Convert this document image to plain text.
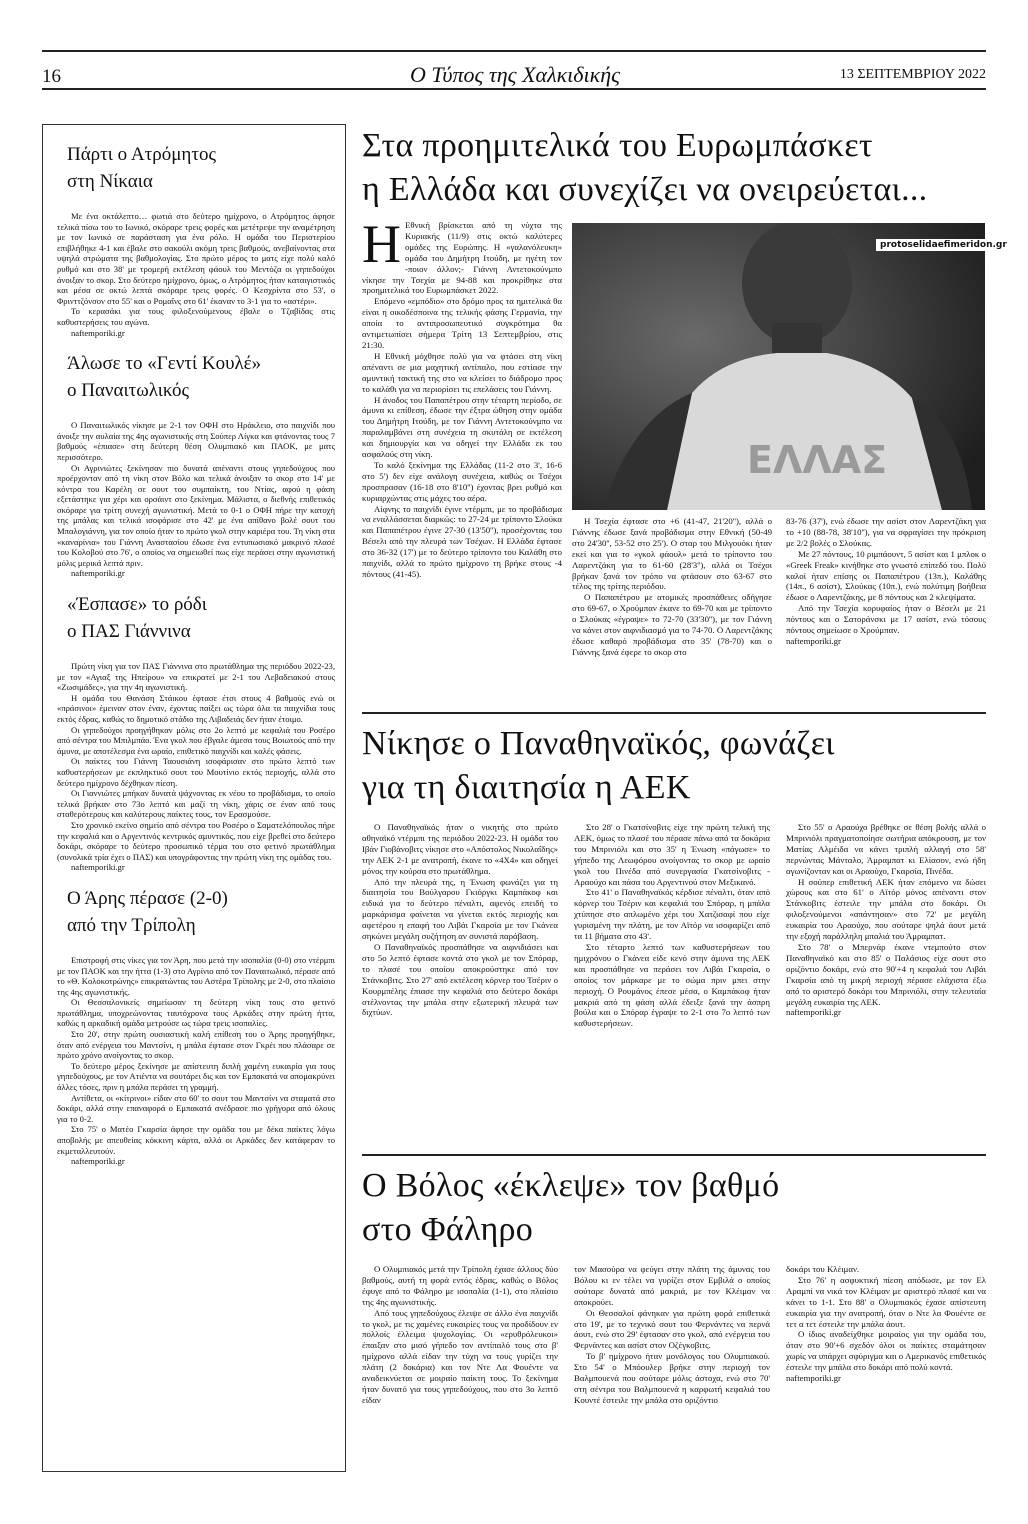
16	Ο Τύπος της Χαλκιδικής	13 ΣΕΠΤΕΜΒΡΙΟΥ 2022
Πάρτι ο Ατρόμητος
στη Νίκαια

Με ένα οκτάλεπτο… φωτιά στο δεύτερο ημίχρονο, ο Ατρόμητος άφησε τελικά πίσω του το Ιωνικό, σκόραρε τρεις φορές και μετέτρεψε την αναμέτρηση με τον Ιωνικό σε παράσταση για ένα ρόλο. Η ομάδα του Περιστερίου επιβλήθηκε 4-1 και έβαλε στο σακούλι ακόμη τρεις βαθμούς, ανεβαίνοντας στα υψηλά στρώματα της βαθμολογίας. Στο πρώτο μέρος το ματς είχε πολύ καλό ρυθμό και στο 38' με τρομερή εκτέλεση φάουλ του Μεντόζα οι γηπεδούχοι άνοιξαν το σκορ. Στο δεύτερο ημίχρονο, όμως, ο Ατρόμητος ήταν καταιγιστικός και μέσα σε οκτώ λεπτά σκόραρε τρεις φορές. Ο Κεσχρίντα στο 53', ο Φρινττζόνσον στο 55' και ο Ρομαΐνς στο 61' έκαναν το 3-1 για το «αστέρι».

Το κερασάκι για τους φιλοξενούμενους έβαλε ο Τζαβίδας στις καθυστερήσεις του αγώνα.

naftemporiki.gr
Άλωσε το «Γεντί Κουλέ»
ο Παναιτωλικός

Ο Παναιτωλικός νίκησε με 2-1 τον ΟΦΗ στο Ηράκλειο, στο παιχνίδι που άνοιξε την αυλαία της 4ης αγωνιστικής στη Σούπερ Λίγκα και φτάνοντας τους 7 βαθμούς «έπιασε» στη δεύτερη θέση Ολυμπιακό και ΠΑΟΚ, με ματς περισσότερο.

Οι Αγρινιώτες ξεκίνησαν πιο δυνατά απέναντι στους γηπεδούχους που προέρχονταν από τη νίκη στον Βόλο και τελικά άνοιξαν το σκορ στο 14' με κόντρα του Καρέλη σε σουτ του συμπαίκτη, του Ντίας, αφού η φάση εξετάστηκε για χέρι και ορσάιντ στο ξεκίνημα. Μάλιστα, ο διεθνής επιθετικός σκόραρε για τρίτη συνεχή αγωνιστική. Μετά το 0-1 ο ΟΦΗ πήρε την κατοχή της μπάλας και τελικά ισοφάρισε στο 42' με ένα απίθανο βολέ σουτ του Μπαλογιάννη, για τον οποίο ήταν το πρώτο γκολ στην καριέρα του. Τη νίκη στα «καναρίνια» του Γιάννη Αναστασίου έδωσε ένα εντυπωσιακό μακρινό πλασέ του Κολοβού στο 76', ο οποίος να σημειωθεί πως είχε περάσει στην αγωνιστική μόλις μερικά λεπτά πριν.

naftemporiki.gr
«Έσπασε» το ρόδι
ο ΠΑΣ Γιάννινα

Πρώτη νίκη για τον ΠΑΣ Γιάννινα στο πρωτάθλημα της περιόδου 2022-23, με τον «Αγιαξ της Ηπείρου» να επικρατεί με 2-1 του Λεβαδειακού στους «Ζωσιμάδες», για την 4η αγωνιστική.

Η ομάδα του Θανάση Στάικου έφτασε έτσι στους 4 βαθμούς ενώ οι «πράσινοι» έμειναν στον έναν, έχοντας παίξει ως τώρα όλα τα παιχνίδια τους εκτός έδρας, καθώς το δημοτικό στάδιο της Λιβαδειάς δεν ήταν έτοιμο.

Οι γηπεδούχοι προηγήθηκαν μόλις στο 2ο λεπτό με κεφαλιά του Ροσέρο από σέντρα του Μπιλμπάο. Ένα γκολ που έβγαλε άμεσα τους Βοιωτούς από την άμυνα, με αποτέλεσμα ένα ωραίο, επιθετικό παιχνίδι και καλές φάσεις.

Οι παίκτες του Γιάννη Ταουσιάνη ισοφάρισαν στο πρώτο λεπτό των καθυστερήσεων με εκπληκτικό σουτ του Μουτίνιο εκτός περιοχής, αλλά στο δεύτερο ημίχρονο δέχθηκαν πίεση.

Οι Γιαννιώτες μπήκαν δυνατά ψάχνοντας εκ νέου το προβάδισμα, το οποίο τελικά βρήκαν στο 73ο λεπτό και μαζί τη νίκη, χάρις σε έναν από τους σταθερότερους και καλύτερους παίκτες τους, τον Ερασμούσε.

Στο χρονικό εκείνο σημείο από σέντρα του Ροσέρο ο Σαματελόπουλος πήρε την κεφαλιά και ο Αργεντινός κεντρικός αμυντικός, που είχε βρεθεί στο δεύτερο δοκάρι, σκόραρε το δεύτερο προσωπικό τέρμα του στο φετινό πρωτάθλημα (συνολικά τρία έχει ο ΠΑΣ) και υπογράφοντας την πρώτη νίκη της ομάδας του.

naftemporiki.gr
Ο Άρης πέρασε (2-0)
από την Τρίπολη

Επιστροφή στις νίκες για τον Άρη, που μετά την ισοπαλία (0-0) στο ντέρμπι με τον ΠΑΟΚ και την ήττα (1-3) στο Αγρίνιο από τον Παναιτωλικό, πέρασε από το «Θ. Κολοκοτρώνης» επικρατώντας του Αστέρα Τρίπολης με 2-0, στο πλαίσιο της 4ης αγωνιστικής.

Οι Θεσσαλονικείς σημείωσαν τη δεύτερη νίκη τους στο φετινό πρωτάθλημα, υποχρεώνοντας ταυτόχρονα τους Αρκάδες στην πρώτη ήττα, καθώς η αρκαδική ομάδα μετρούσε ως τώρα τρεις ισοπαλίες.

Στο 20', στην πρώτη ουσιαστική καλή επίθεση του ο Άρης προηγήθηκε, όταν από ενέργεια του Μαντσίνι, η μπάλα έφτασε στον Γκρέι που πλάσαρε σε πρώτο χρόνο ανοίγοντας το σκορ.

Το δεύτερο μέρος ξεκίνησε με απίστευτη διπλή χαμένη ευκαιρία για τους γηπεδούχους, με τον Ατιέντα να σουτάρει δις και τον Εμπακατά να απομακρύνει άλλες τόσες, πριν η μπάλα περάσει τη γραμμή.

Αντίθετα, οι «κίτρινοι» είδαν στο 60' το σουτ του Μαντσίνι να σταματά στο δοκάρι, αλλά στην επαναφορά ο Εμπακατά ανέδρασε πιο γρήγορα από όλους για το 0-2.

Στο 75' ο Ματέο Γκαρσία άφησε την ομάδα του με δέκα παίκτες λόγω αποβολής με απευθείας κόκκινη κάρτα, αλλά οι Αρκάδες δεν κατάφεραν το εκμεταλλευτούν.

naftemporiki.gr
Στα προημιτελικά του Ευρωμπάσκετ
η Ελλάδα και συνεχίζει να ονειρεύεται...
Η Εθνική βρίσκεται από τη νύχτα της Κυριακής (11/9) στις οκτώ καλύτερες ομάδες της Ευρώπης. Η «γαλανόλευκη» ομάδα του Δημήτρη Ιτούδη, με ηγέτη τον -ποιον άλλον;- Γιάννη Αντετοκούνμπο νίκησε την Τσεχία με 94-88 και προκρίθηκε στα προημιτελικά του Ευρωμπάσκετ 2022.

Επόμενο «εμπόδιο» στο δρόμο προς τα ημιτελικά θα είναι η οικοδέσποινα της τελικής φάσης Γερμανία, την οποία το αντιπροσωπευτικό συγκρότημα θα αντιμετωπίσει σήμερα Τρίτη 13 Σεπτεμβρίου, στις 21:30.

Η Εθνική μόχθησε πολύ για να φτάσει στη νίκη απέναντι σε μια μαχητική αντίπαλο, που εστίασε την αμυντική τακτική της στο να κλείσει το διάδρομο προς το καλάθι για να περιορίσει τις επελάσεις του Γιάννη.

Η άνοδος του Παπαπέτρου στην τέταρτη περίοδο, σε άμυνα κι επίθεση, έδωσε την έξτρα ώθηση στην ομάδα του Δημήτρη Ιτούδη, με τον Γιάννη Αντετοκούνμπο να παραλαμβάνει στη συνέχεια τη σκυτάλη σε εκτέλεση και δημιουργία και να οδηγεί την Ελλάδα εκ του ασφαλούς στη νίκη.

Το καλό ξεκίνημα της Ελλάδας (11-2 στο 3', 16-6 στο 5') δεν είχε ανάλογη συνέχεια, καθώς οι Τσέχοι προσπρασαν (16-18 στο 8'10'') έχοντας βρει ρυθμό και κυριαρχώντας στις μάχες του αέρα.

Αίφνης το παιχνίδι έγινε ντέρμπι, με το προβάδισμα να εναλλάσσεται διαρκώς: το 27-24 με τρίποντο Σλούκα και Παπαπέτρου έγινε 27-30 (13'50''), προσέχοντας του Βέσελι από την πλευρά των Τσέχων. Η Ελλάδα έφτασε στο 36-32 (17') με το δεύτερο τρίποντο του Καλάθη στο παιχνίδι, αλλά το πρώτο ημίχρονο τη βρήκε στους -4 πόντους (41-45).

ΕΛΛΑΣ
protoselidaefimeridon.gr

Η Τσεχία έφτασε στο +6 (41-47, 21'20''), αλλά ο Γιάννης έδωσε ξανά προβάδισμα στην Εθνική (50-49 στο 24'30'', 53-52 στο 25'). Ο σταρ του Μιλγουόκι ήταν εκεί και για το «γκολ φάουλ» μετά το τρίποντο του Λαρεντζάκη για το 61-60 (28'3''), αλλά οι Τσέχοι βρήκαν ξανά τον τρόπο να φτάσουν στο 63-67 στο τέλος της τρίτης περιόδου.

Ο Παπαπέτρου με ατομικές προσπάθειες οδήγησε στο 69-67, ο Χρούμπαν έκανε το 69-70 και με τρίποντο ο Σλούκας «έγραψε» το 72-70 (33'30''), με τον Γιάννη να κάνει στον αιφνιδιασμό για το 74-70. Ο Λαρεντζάκης έδωσε καθαρό προβάδισμα στο 35' (78-70) και ο Γιάννης ξανά έφερε το σκορ στο

83-76 (37'), ενώ έδωσε την ασίστ στον Λαρεντζάκη για το +10 (88-78, 38'10''), για να σφραγίσει την πρόκριση με 2/2 βολές ο Σλούκας.

Με 27 πόντους, 10 ριμπάουντ, 5 ασίστ και 1 μπλοκ ο «Greek Freak» κινήθηκε στο γνωστό επίπεδό του. Πολύ καλοί ήταν επίσης οι Παπαπέτρου (13π.), Καλάθης (14π., 6 ασίστ), Σλούκας (10π.), ενώ πολύτιμη βοήθεια έδωσε ο Λαρεντζάκης, με 8 πόντους και 2 κλεψίματα.

Από την Τσεχία κορυφαίος ήταν ο Βέσελι με 21 πόντους και ο Σατοράνσκι με 17 ασίστ, ενώ τόσους πόντους σημείωσε ο Χρούμπαν.

naftemporiki.gr

Νίκησε ο Παναθηναϊκός, φωνάζει
για τη διαιτησία η ΑΕΚ

Ο Παναθηναϊκός ήταν ο νικητής στο πρώτο αθηναϊκό ντέρμπι της περιόδου 2022-23. Η ομάδα του Ιβάν Γιοβάνοβιτς νίκησε στο «Απόστολος Νικολαΐδης» την ΑΕΚ 2-1 με ανατροπή, έκανε το «4Χ4» και οδηγεί μόνος την κούρσα στο πρωτάθλημα.

Από την πλευρά της, η Ένωση φωνάζει για τη διαιτησία του Βούλγαρου Γκιόργκι Καμπάκοφ και ειδικά για το δεύτερο πέναλτι, αφενός επειδή το μαρκάρισμα φαίνεται να γίνεται εκτός περιοχής και αφετέρου η επαφή του Λιβάι Γκαρσία με τον Γκάνεα σηκώνει μεγάλη συζήτηση αν συνιστά παράβαση.

Ο Παναθηναϊκός προσπάθησε να αιφνιδιάσει και στο 5ο λεπτό έφτασε κοντά στο γκολ με τον Σπόραρ, το πλασέ του οποίου αποκρούστηκε από τον Στάνκοβιτς. Στο 27' από εκτέλεση κόρνερ του Τσέριν ο Κουρμπέλης έπιασε την κεφαλιά στο δεύτερο δοκάρι στέλνοντας την μπάλα στην εξωτερική πλευρά των διχτύων.

Στο 28' ο Γκατσίνοβιτς είχε την πρώτη τελική της ΑΕΚ, όμως το πλασέ του πέρασε πάνω από τα δοκάρια του Μπρινιόλι και στο 35' η Ένωση «πάγωσε» το γήπεδο της Λεωφόρου ανοίγοντας το σκορ με ωραίο γκολ του Πινέδα από συνεργασία Γκατσίνοβιτς - Αραούχο και πάσα του Αργεντινού στον Μεξικανό.

Στο 41' ο Παναθηναϊκός κέρδισε πέναλτι, όταν από κόρνερ του Τσέριν και κεφαλιά του Σπόραρ, η μπάλα χτύπησε στο απλωμένο χέρι του Χατζισαφί που είχε γυρισμένη την πλάτη, με τον Αϊτόρ να ισοφαρίζει από τα 11 βήματα στο 43'.

Στο τέταρτο λεπτό των καθυστερήσεων του ημιχρόνου ο Γκάνεα είδε κενό στην άμυνα της ΑΕΚ και προσπάθησε να περάσει τον Λιβάι Γκαρσία, ο οποίος τον μάρκαρε με το σώμα πριν μπει στην περιοχή. Ο Ρουμάνος έπεσε μέσα, ο Καμπάκοφ ήταν μακριά από τη φάση αλλά έδειξε ξανά την άσπρη βούλα και ο Σπόραρ έγραψε το 2-1 στο 7ο λεπτό των καθυστερήσεων.

Στο 55' ο Αραούχο βρέθηκε σε θέση βολής αλλά ο Μπρινιόλι πραγματοποίησε σωτήρια απόκρουση, με τον Ματίας Αλμέιδα να κάνει τριπλή αλλαγή στο 58' περνώντας Μάνταλο, Άμραμπατ κι Ελίασον, ενώ ήδη αγωνίζονταν και οι Αραούχο, Γκαρσία, Πινέδα.

Η σούπερ επιθετική ΑΕΚ ήταν επόμενο να δώσει χώρους και στο 61' ο Αϊτόρ μόνος απέναντι στον Στάνκοβιτς έστειλε την μπάλα στο δοκάρι. Οι φιλοξενούμενοι «απάντησαν» στο 72' με μεγάλη ευκαιρία του Αραούχο, που σούταρε ψηλά άουτ μετά την εξοχή παράλληλη μπαλιά του Άμραμπατ.

Στο 78' ο Μπερνάρ έκανε ντεμπούτο στον Παναθηναϊκό και στο 85' ο Παλάσιος είχε σουτ στο οριζόντιο δοκάρι, ενώ στο 90'+4 η κεφαλιά του Λιβάι Γκαρσία από τη μικρή περιοχή πέρασε ελάχιστα έξω από το αριστερό δοκάρι του Μπρινιόλι, στην τελευταία μεγάλη ευκαιρία της ΑΕΚ.

naftemporiki.gr

Ο Βόλος «έκλεψε» τον βαθμό
στο Φάληρο

Ο Ολυμπιακός μετά την Τρίπολη έχασε άλλους δύο βαθμούς, αυτή τη φορά εντός έδρας, καθώς ο Βόλος έφυγε από το Φάληρο με ισοπαλία (1-1), στο πλαίσιο της 4ης αγωνιστικής.

Από τους γηπεδούχους έλειψε σε άλλο ένα παιχνίδι το γκολ, με τις χαμένες ευκαιρίες τους να προδίδουν εν πολλοίς έλλειμα ψυχολογίας. Οι «ερυθρόλευκοι» έπαιξαν στο μισό γήπεδο τον αντίπαλό τους στο β' ημίχρονο αλλά είδαν την τύχη να τους γυρίζει την πλάτη (2 δοκάρια) και τον Ντε Λα Φουέντε να αναδεικνύεται σε μοιραίο παίκτη τους. Το ξεκίνημα ήταν δυνατό για τους γηπεδούχους, που στο 3ο λεπτό είδαν

τον Μασούρα να φεύγει στην πλάτη της άμυνας του Βόλου κι εν τέλει να γυρίζει στον Εμβιλά ο οποίος σούταρε δυνατά από μακριά, με τον Κλέιμαν να αποκρούει.

Οι Θεσσαλοί φάνηκαν για πρώτη φορά επιθετικά στο 19', με το τεχνικό σουτ του Φερνάντες να περνά άουτ, ενώ στο 29' έφτασαν στο γκολ, από ενέργεια του Φερνάντες και ασίστ στον Οζέγκοβιτς.

Το β' ημίχρονο ήταν μονόλογος του Ολυμπιακού. Στο 54' ο Μπόουλερ βρήκε στην περιοχή τον Βαλμπουενά που σούταρε μόλις άστοχα, ενώ στο 70' στη σέντρα του Βαλμπουενά η καρφωτή κεφαλιά του Κουντέ έστειλε την μπάλα στο οριζόντιο

δοκάρι του Κλέιμαν.

Στο 76' η ασφυκτική πίεση απόδωσε, με τον Ελ Αραμπί να νικά τον Κλέιμαν με αριστερό πλασέ και να κάνει το 1-1. Στο 88' ο Ολυμπιακός έχασε απίστευτη ευκαιρία για την ανατροπή, όταν ο Ντε λα Φουέντε σε τετ α τετ έστειλε την μπάλα άουτ.

Ο ίδιος αναδείχθηκε μοιραίος για την ομάδα του, όταν στο 90'+6 σχεδόν όλοι οι παίκτες σταμάτησαν χωρίς να υπάρχει σφύριγμα και ο Αμερικανός επιθετικός έστειλε την μπάλα στο δοκάρι από πολύ κοντά.

naftemporiki.gr
